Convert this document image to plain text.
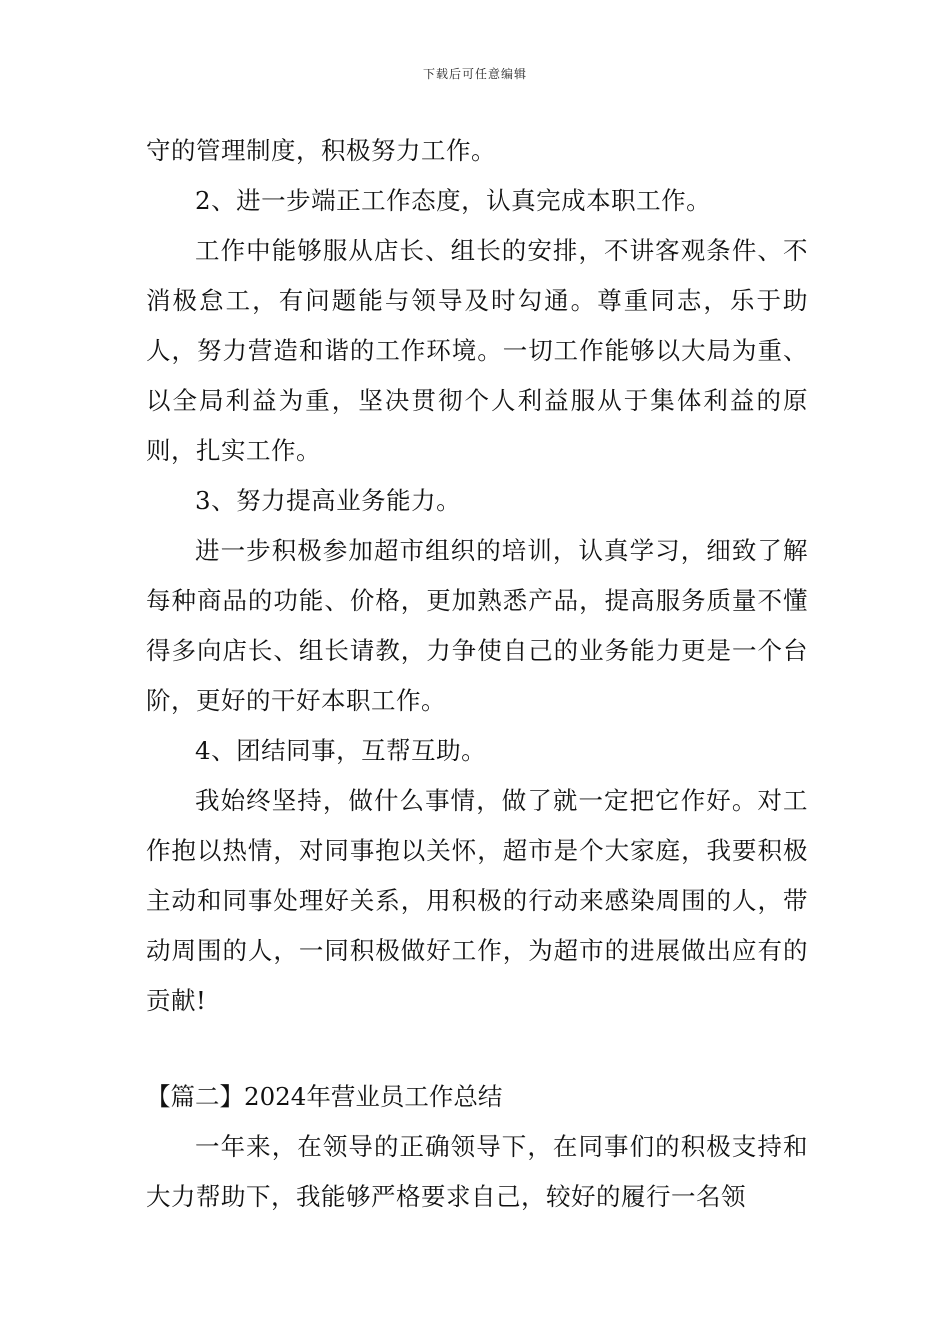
下载后可任意编辑

守的管理制度，积极努力工作。

2、进一步端正工作态度，认真完成本职工作。

工作中能够服从店长、组长的安排，不讲客观条件、不消极怠工，有问题能与领导及时勾通。尊重同志，乐于助人，努力营造和谐的工作环境。一切工作能够以大局为重、以全局利益为重，坚决贯彻个人利益服从于集体利益的原则，扎实工作。

3、努力提高业务能力。

进一步积极参加超市组织的培训，认真学习，细致了解每种商品的功能、价格，更加熟悉产品，提高服务质量不懂得多向店长、组长请教，力争使自己的业务能力更是一个台阶，更好的干好本职工作。

4、团结同事，互帮互助。

我始终坚持，做什么事情，做了就一定把它作好。对工作抱以热情，对同事抱以关怀，超市是个大家庭，我要积极主动和同事处理好关系，用积极的行动来感染周围的人，带动周围的人，一同积极做好工作，为超市的进展做出应有的贡献!

【篇二】2024年营业员工作总结

一年来，在领导的正确领导下，在同事们的积极支持和大力帮助下，我能够严格要求自己，较好的履行一名领
